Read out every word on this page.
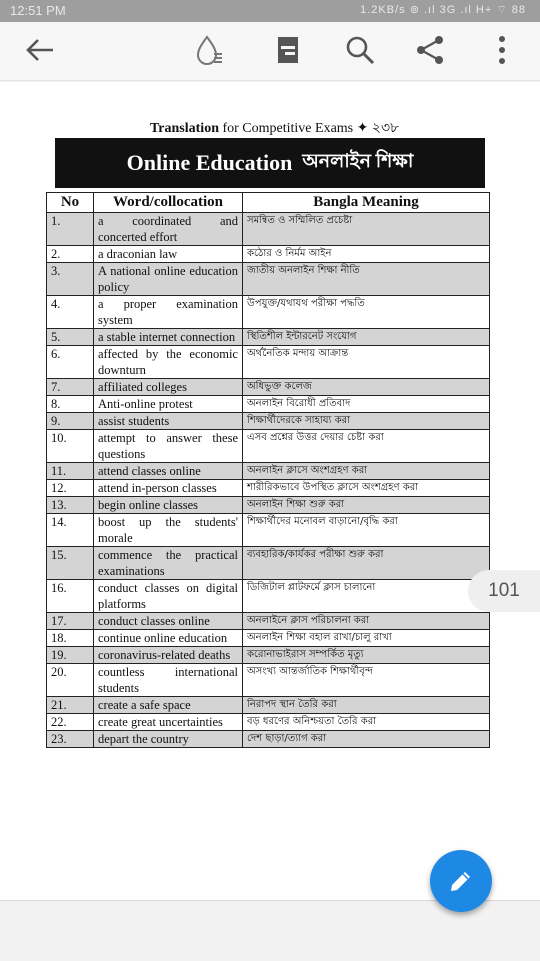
12:51 PM	1.2KB/s ⊚ .ıl 3G .ıl H+ ⌔ 88
Translation for Competitive Exams ✦ ২৩৮
Online Education অনলাইন শিক্ষা
No	Word/collocation	Bangla Meaning
1.	a coordinated and concerted effort	সমন্বিত ও সম্মিলিত প্রচেষ্টা
2.	a draconian law	কঠোর ও নির্মম আইন
3.	A national online education policy	জাতীয় অনলাইন শিক্ষা নীতি
4.	a proper examination system	উপযুক্ত/যথাযথ পরীক্ষা পদ্ধতি
5.	a stable internet connection	স্থিতিশীল ইন্টারনেট সংযোগ
6.	affected by the economic downturn	অর্থনৈতিক মন্দায় আক্রান্ত
7.	affiliated colleges	অধিভুক্ত কলেজ
8.	Anti-online protest	অনলাইন বিরোধী প্রতিবাদ
9.	assist students	শিক্ষার্থীদেরকে সাহায্য করা
10.	attempt to answer these questions	এসব প্রশ্নের উত্তর দেয়ার চেষ্টা করা
11.	attend classes online	অনলাইন ক্লাসে অংশগ্রহণ করা
12.	attend in-person classes	শারীরিকভাবে উপস্থিত ক্লাসে অংশগ্রহণ করা
13.	begin online classes	অনলাইন শিক্ষা শুরু করা
14.	boost up the students' morale	শিক্ষার্থীদের মনোবল বাড়ানো/বৃদ্ধি করা
15.	commence the practical examinations	ব্যবহারিক/কার্যকর পরীক্ষা শুরু করা
16.	conduct classes on digital platforms	ডিজিটাল প্লাটফর্মে ক্লাস চালানো
17.	conduct classes online	অনলাইনে ক্লাস পরিচালনা করা
18.	continue online education	অনলাইন শিক্ষা বহাল রাখা/চালু রাখা
19.	coronavirus-related deaths	করোনাভাইরাস সম্পর্কিত মৃত্যু
20.	countless international students	অসংখ্য আন্তর্জাতিক শিক্ষার্থীবৃন্দ
21.	create a safe space	নিরাপদ স্থান তৈরি করা
22.	create great uncertainties	বড় ধরণের অনিশ্চয়তা তৈরি করা
23.	depart the country	দেশ ছাড়া/ত্যাগ করা
101
